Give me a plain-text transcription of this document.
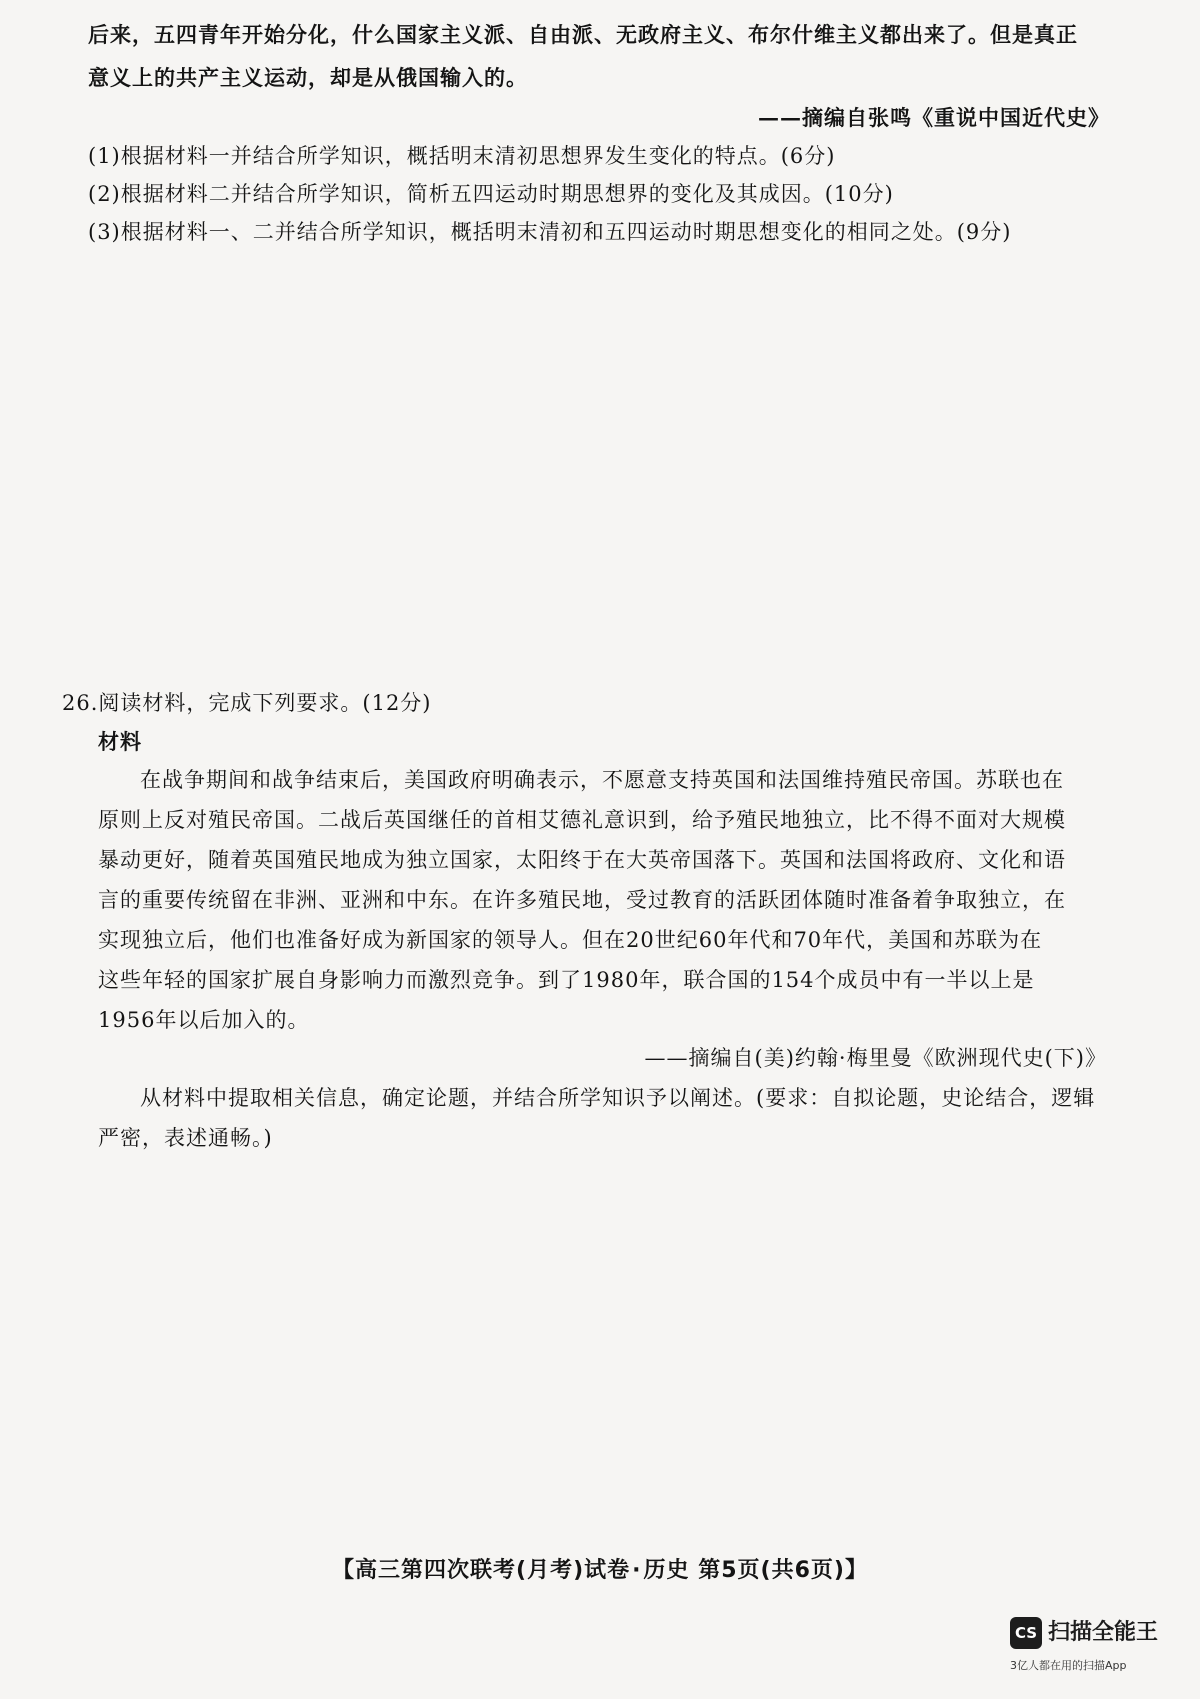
后来，五四青年开始分化，什么国家主义派、自由派、无政府主义、布尔什维主义都出来了。但是真正
意义上的共产主义运动，却是从俄国输入的。
——摘编自张鸣《重说中国近代史》
(1)根据材料一并结合所学知识，概括明末清初思想界发生变化的特点。(6分)
(2)根据材料二并结合所学知识，简析五四运动时期思想界的变化及其成因。(10分)
(3)根据材料一、二并结合所学知识，概括明末清初和五四运动时期思想变化的相同之处。(9分)
26.阅读材料，完成下列要求。(12分)
材料
在战争期间和战争结束后，美国政府明确表示，不愿意支持英国和法国维持殖民帝国。苏联也在
原则上反对殖民帝国。二战后英国继任的首相艾德礼意识到，给予殖民地独立，比不得不面对大规模
暴动更好，随着英国殖民地成为独立国家，太阳终于在大英帝国落下。英国和法国将政府、文化和语
言的重要传统留在非洲、亚洲和中东。在许多殖民地，受过教育的活跃团体随时准备着争取独立，在
实现独立后，他们也准备好成为新国家的领导人。但在20世纪60年代和70年代，美国和苏联为在
这些年轻的国家扩展自身影响力而激烈竞争。到了1980年，联合国的154个成员中有一半以上是
1956年以后加入的。
——摘编自(美)约翰·梅里曼《欧洲现代史(下)》
从材料中提取相关信息，确定论题，并结合所学知识予以阐述。(要求：自拟论题，史论结合，逻辑
严密，表述通畅。)
【高三第四次联考(月考)试卷·历史 第5页(共6页)】
CS 扫描全能王
3亿人都在用的扫描App
